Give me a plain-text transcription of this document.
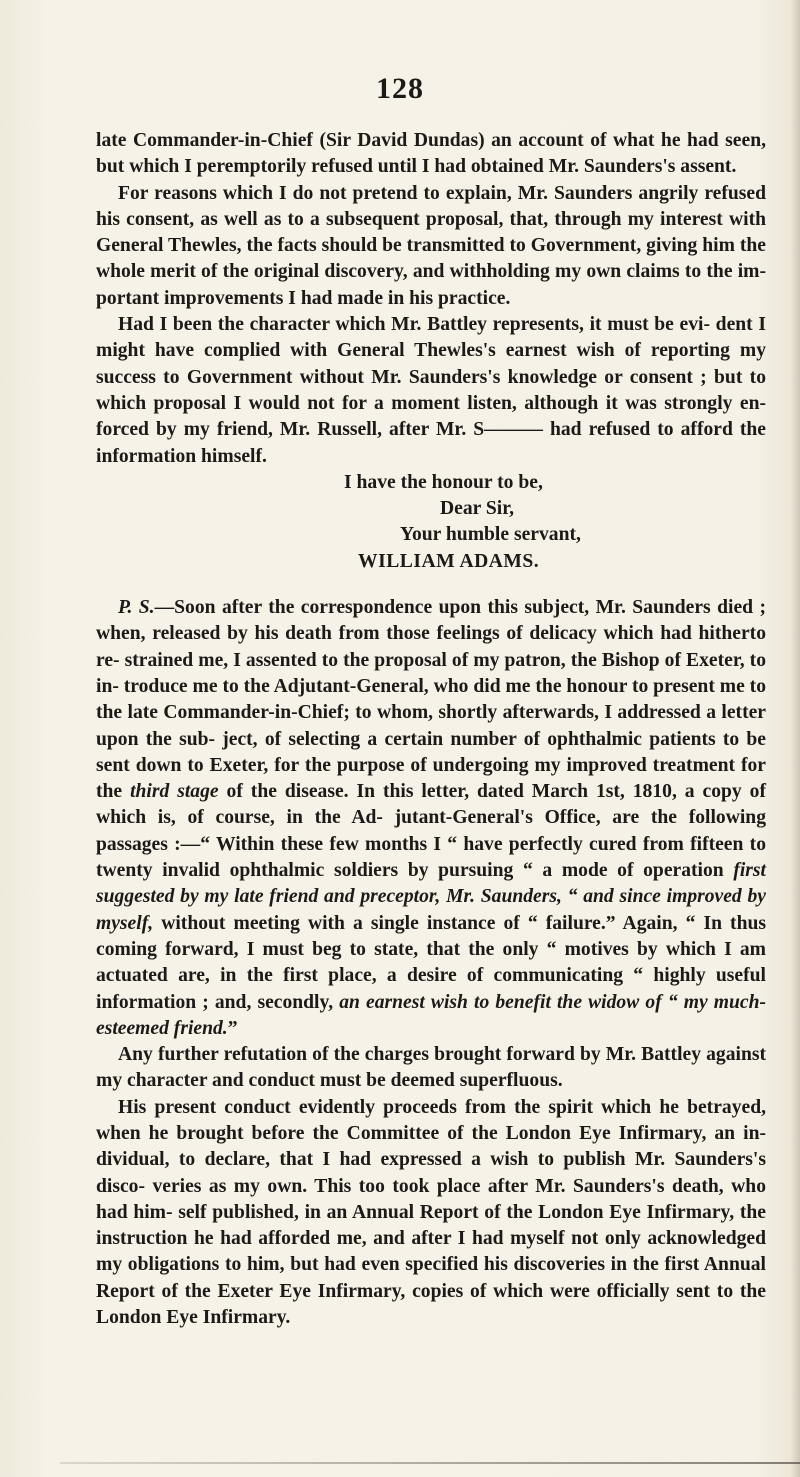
128

late Commander-in-Chief (Sir David Dundas) an account of what he had seen, but which I peremptorily refused until I had obtained Mr. Saunders's assent.

For reasons which I do not pretend to explain, Mr. Saunders angrily refused his consent, as well as to a subsequent proposal, that, through my interest with General Thewles, the facts should be transmitted to Government, giving him the whole merit of the original discovery, and withholding my own claims to the im- portant improvements I had made in his practice.

Had I been the character which Mr. Battley represents, it must be evi- dent I might have complied with General Thewles's earnest wish of reporting my success to Government without Mr. Saunders's knowledge or consent ; but to which proposal I would not for a moment listen, although it was strongly en- forced by my friend, Mr. Russell, after Mr. S——— had refused to afford the information himself.

I have the honour to be,
Dear Sir,
Your humble servant,
WILLIAM ADAMS.

P. S.—Soon after the correspondence upon this subject, Mr. Saunders died ; when, released by his death from those feelings of delicacy which had hitherto re- strained me, I assented to the proposal of my patron, the Bishop of Exeter, to in- troduce me to the Adjutant-General, who did me the honour to present me to the late Commander-in-Chief; to whom, shortly afterwards, I addressed a letter upon the sub- ject, of selecting a certain number of ophthalmic patients to be sent down to Exeter, for the purpose of undergoing my improved treatment for the third stage of the disease. In this letter, dated March 1st, 1810, a copy of which is, of course, in the Ad- jutant-General's Office, are the following passages :—“ Within these few months I “ have perfectly cured from fifteen to twenty invalid ophthalmic soldiers by pursuing “ a mode of operation first suggested by my late friend and preceptor, Mr. Saunders, “ and since improved by myself, without meeting with a single instance of “ failure.” Again, “ In thus coming forward, I must beg to state, that the only “ motives by which I am actuated are, in the first place, a desire of communicating “ highly useful information ; and, secondly, an earnest wish to benefit the widow of “ my much-esteemed friend.”

Any further refutation of the charges brought forward by Mr. Battley against my character and conduct must be deemed superfluous.

His present conduct evidently proceeds from the spirit which he betrayed, when he brought before the Committee of the London Eye Infirmary, an in- dividual, to declare, that I had expressed a wish to publish Mr. Saunders's disco- veries as my own. This too took place after Mr. Saunders's death, who had him- self published, in an Annual Report of the London Eye Infirmary, the instruction he had afforded me, and after I had myself not only acknowledged my obligations to him, but had even specified his discoveries in the first Annual Report of the Exeter Eye Infirmary, copies of which were officially sent to the London Eye Infirmary.
